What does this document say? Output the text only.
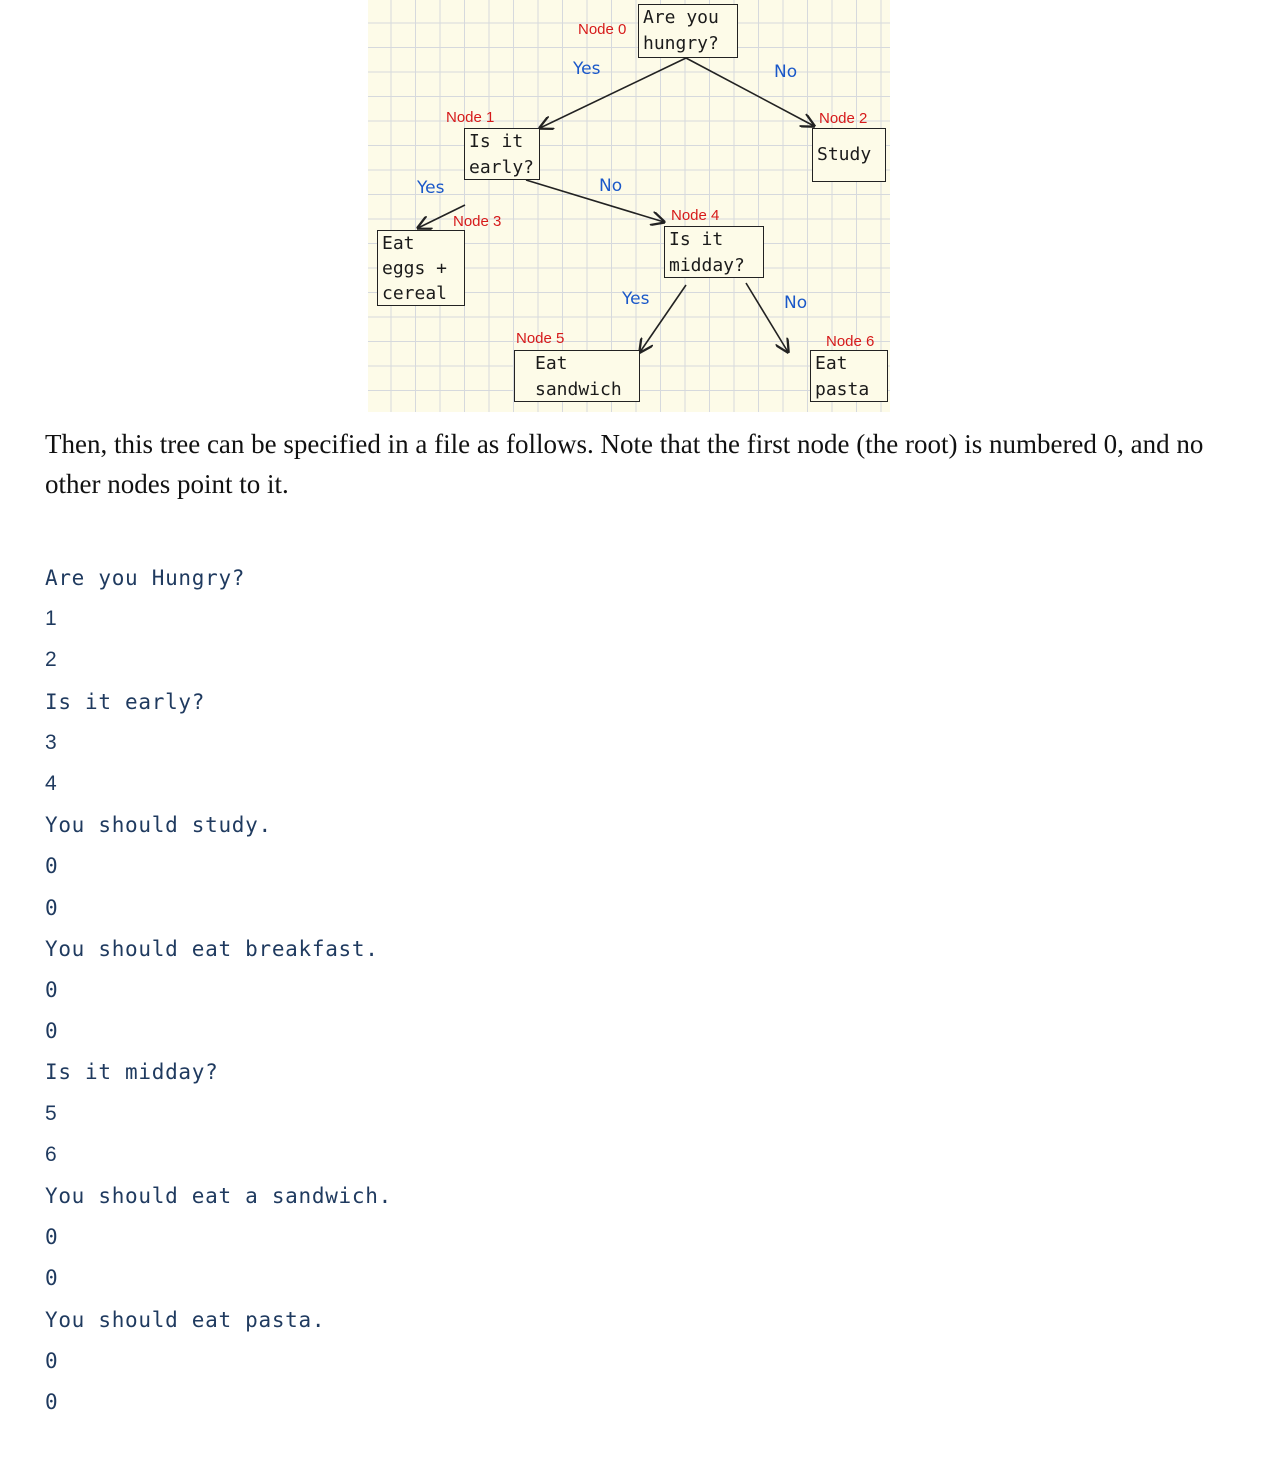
Node 0
Node 1	Node 2
Node 3	Node 4
Node 5	Node 6
Yes	No
Yes	No
Yes	No
Are you
hungry?
Is it
early?
Study
Eat
eggs +
cereal
Is it
midday?
Eat
sandwich
Eat
pasta
Then, this tree can be specified in a file as follows. Note that the first node (the root) is numbered 0, and no other nodes point to it.
Are you Hungry?
1
2
Is it early?
3
4
You should study.
0
0
You should eat breakfast.
0
0
Is it midday?
5
6
You should eat a sandwich.
0
0
You should eat pasta.
0
0
